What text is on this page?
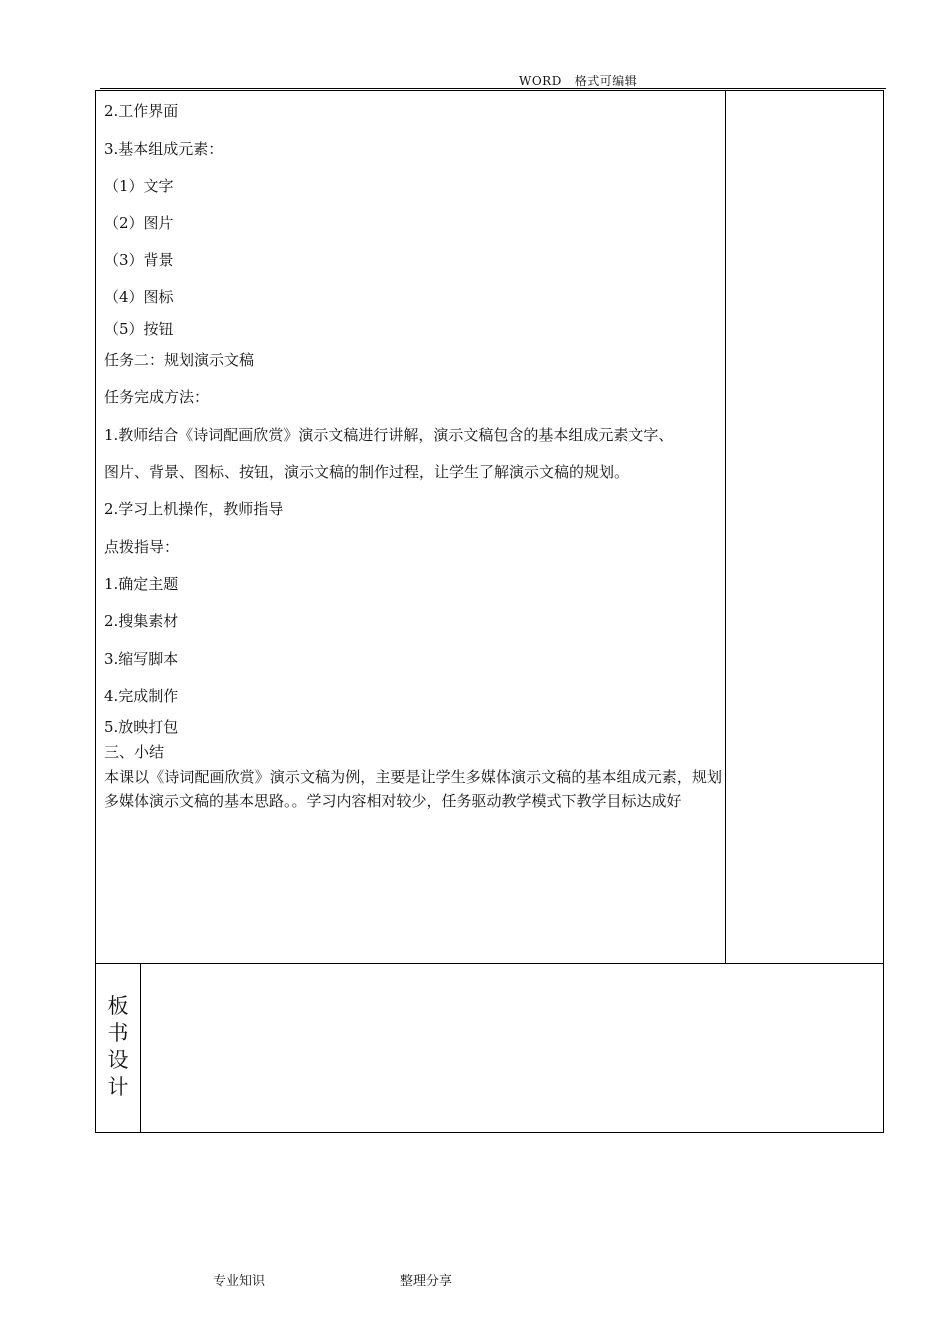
WORD   格式可编辑
2.工作界面
3.基本组成元素：
（1）文字
（2）图片
（3）背景
（4）图标
（5）按钮
任务二：规划演示文稿
任务完成方法：
1.教师结合《诗词配画欣赏》演示文稿进行讲解，演示文稿包含的基本组成元素文字、
图片、背景、图标、按钮，演示文稿的制作过程，让学生了解演示文稿的规划。
2.学习上机操作，教师指导
点拨指导：
1.确定主题
2.搜集素材
3.缩写脚本
4.完成制作
5.放映打包
三、小结
本课以《诗词配画欣赏》演示文稿为例，主要是让学生多媒体演示文稿的基本组成元素，规划多媒体演示文稿的基本思路。。学习内容相对较少，任务驱动教学模式下教学目标达成好
板
书
设
计
专业知识	整理分享
